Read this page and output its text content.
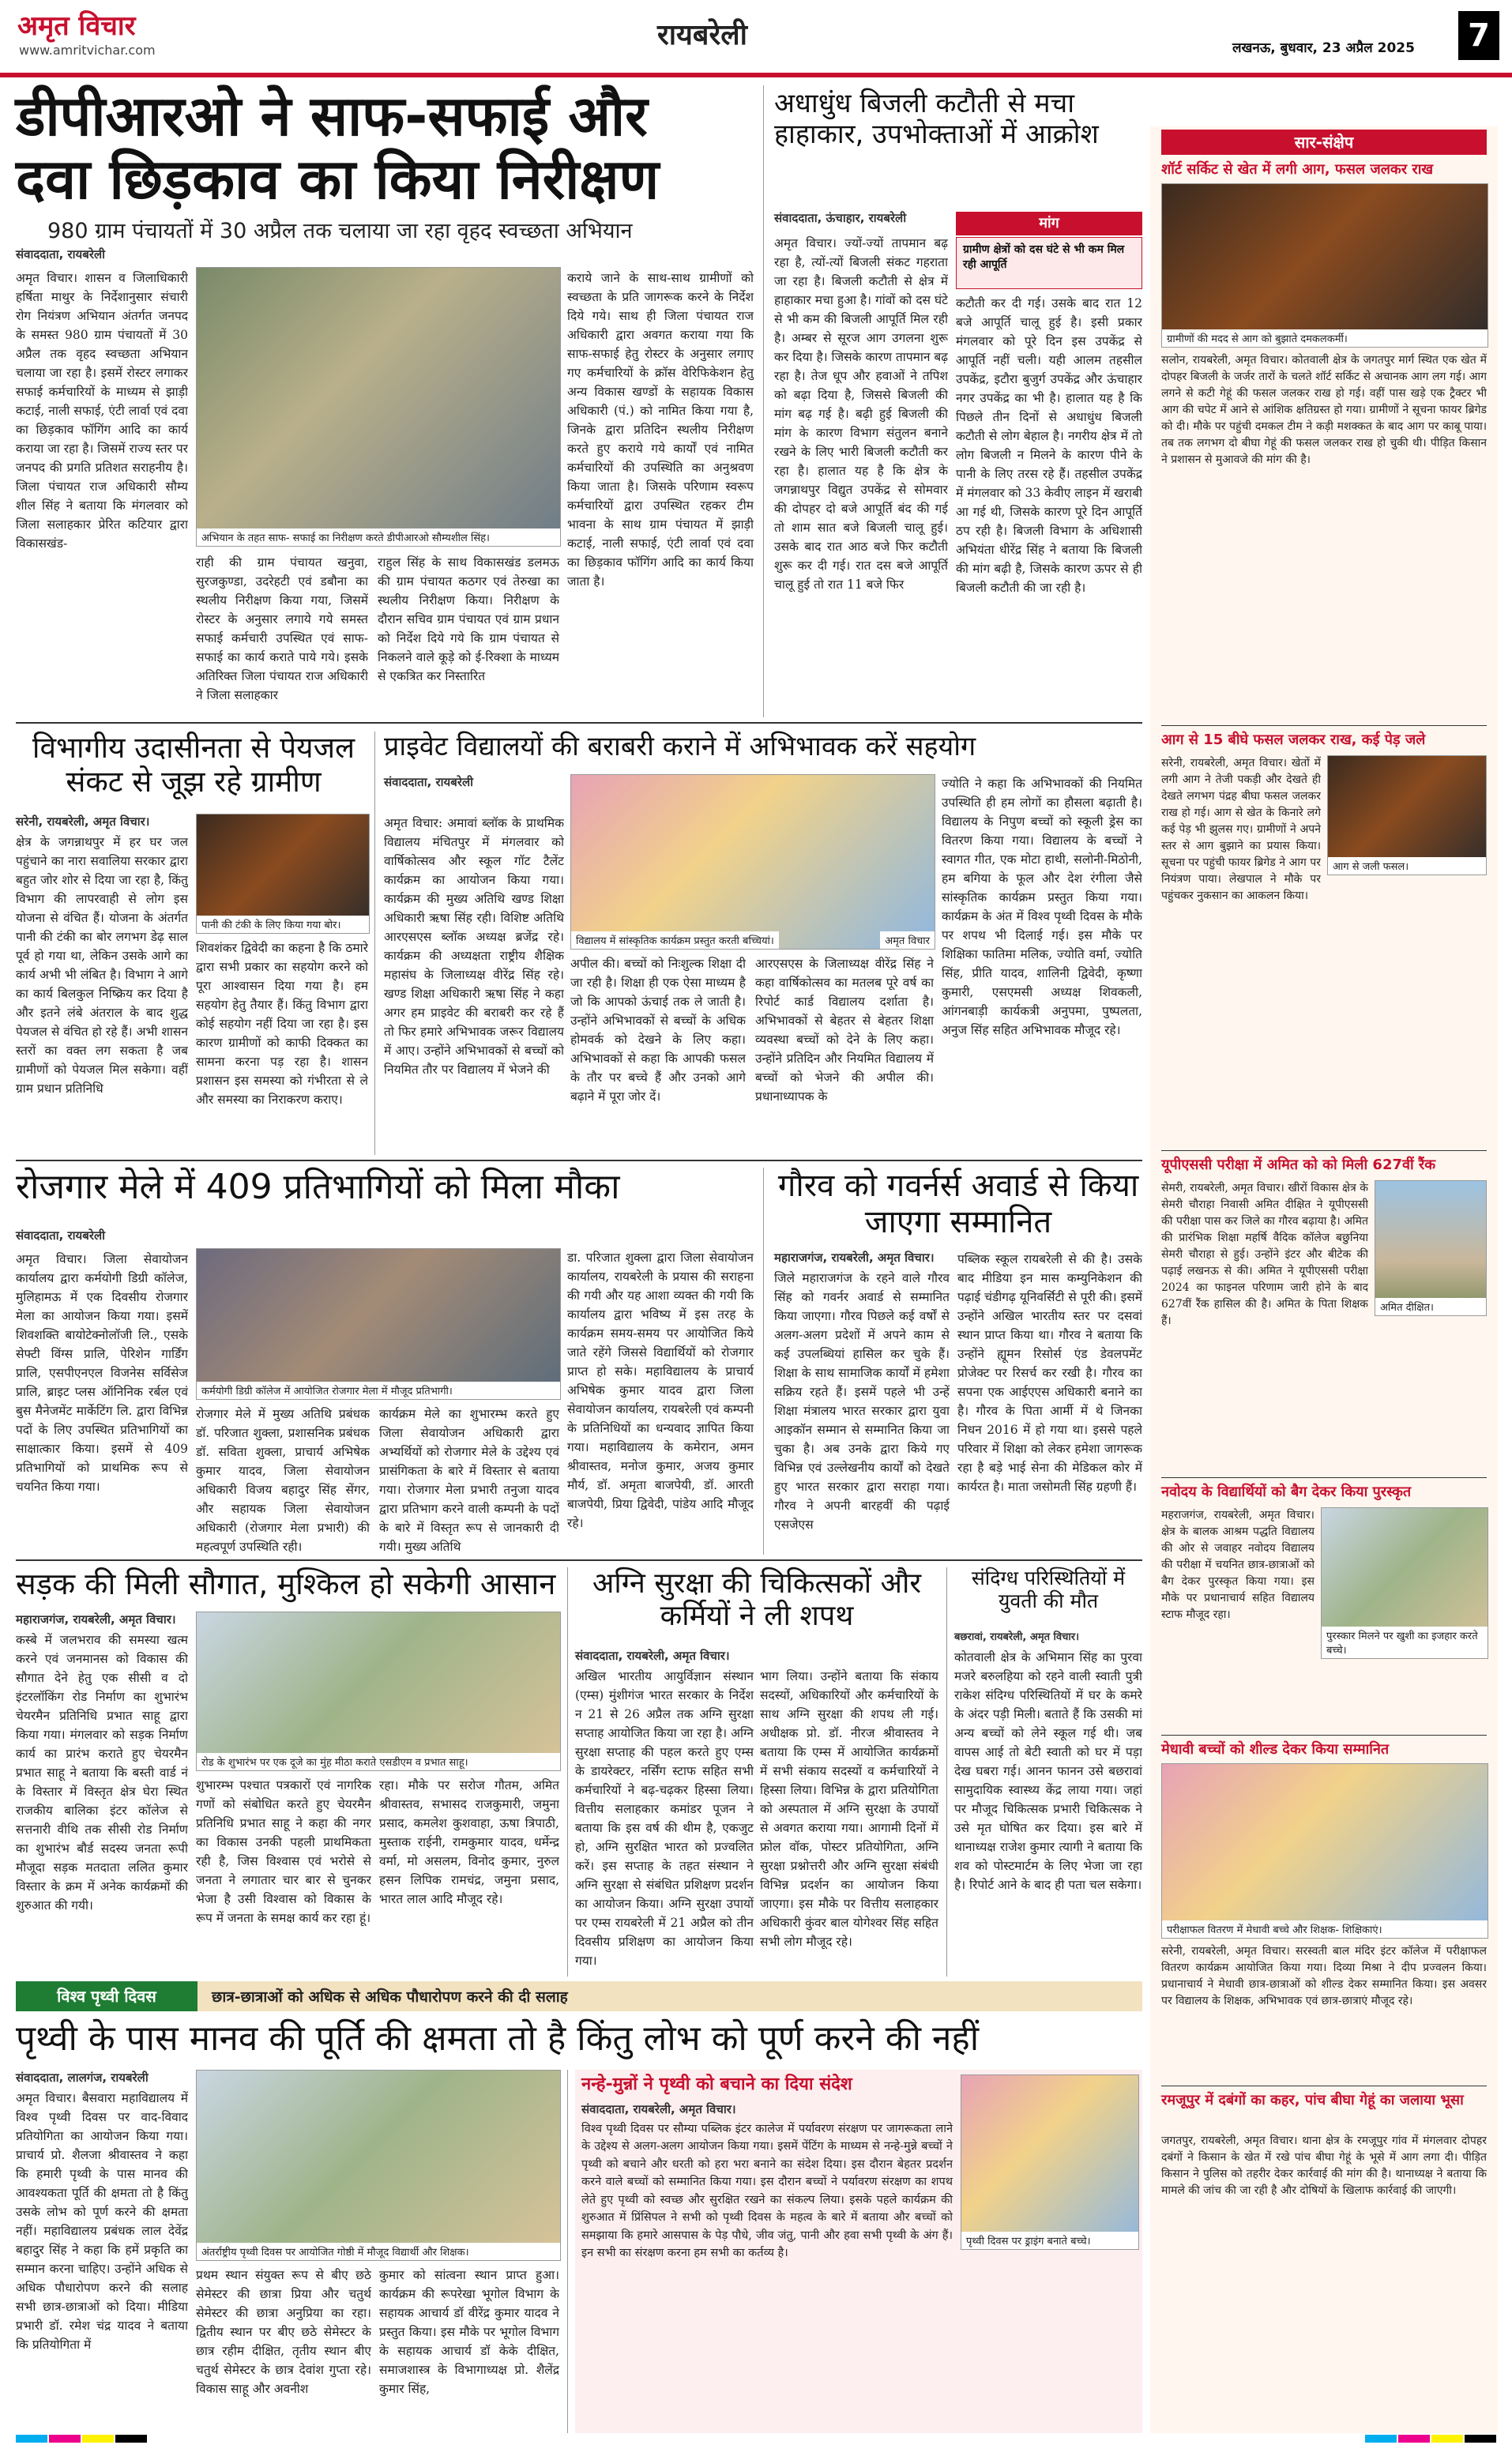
अमृत विचार
www.amritvichar.com	रायबरेली	लखनऊ, बुधवार, 23 अप्रैल 2025	7
डीपीआरओ ने साफ-सफाई और
दवा छिड़काव का किया निरीक्षण
980 ग्राम पंचायतों में 30 अप्रैल तक चलाया जा रहा वृहद स्वच्छता अभियान
संवाददाता, रायबरेली
अमृत विचार। शासन व जिलाधिकारी हर्षिता माथुर के निर्देशानुसार संचारी रोग नियंत्रण अभियान अंतर्गत जनपद के समस्त 980 ग्राम पंचायतों में 30 अप्रैल तक वृहद स्वच्छता अभियान चलाया जा रहा है। इसमें रोस्टर लगाकर सफाई कर्मचारियों के माध्यम से झाड़ी कटाई, नाली सफाई, एंटी लार्वा एवं दवा का छिड़काव फॉगिंग आदि का कार्य कराया जा रहा है। जिसमें राज्य स्तर पर जनपद की प्रगति प्रतिशत सराहनीय है। जिला पंचायत राज अधिकारी सौम्य शील सिंह ने बताया कि मंगलवार को जिला सलाहकार प्रेरित कटियार द्वारा विकासखंड-	अभियान के तहत साफ- सफाई का निरीक्षण करते डीपीआरओ सौम्यशील सिंह।
राही की ग्राम पंचायत खनुवा, सुरजकुण्डा, उदरेहटी एवं डबौना का स्थलीय निरीक्षण किया गया, जिसमें रोस्टर के अनुसार लगाये गये समस्त सफाई कर्मचारी उपस्थित एवं साफ-सफाई का कार्य कराते पाये गये। इसके अतिरिक्त जिला पंचायत राज अधिकारी ने जिला सलाहकार
राहुल सिंह के साथ विकासखंड डलमऊ की ग्राम पंचायत कठगर एवं तेरुखा का स्थलीय निरीक्षण किया। निरीक्षण के दौरान सचिव ग्राम पंचायत एवं ग्राम प्रधान को निर्देश दिये गये कि ग्राम पंचायत से निकलने वाले कूड़े को ई-रिक्शा के माध्यम से एकत्रित कर निस्तारित
कराये जाने के साथ-साथ ग्रामीणों को स्वच्छता के प्रति जागरूक करने के निर्देश दिये गये। साथ ही जिला पंचायत राज अधिकारी द्वारा अवगत कराया गया कि साफ-सफाई हेतु रोस्टर के अनुसार लगाए गए कर्मचारियों के क्रॉस वेरिफिकेशन हेतु अन्य विकास खण्डों के सहायक विकास अधिकारी (पं.) को नामित किया गया है, जिनके द्वारा प्रतिदिन स्थलीय निरीक्षण करते हुए कराये गये कार्यों एवं नामित कर्मचारियों की उपस्थिति का अनुश्रवण किया जाता है। जिसके परिणाम स्वरूप कर्मचारियों द्वारा उपस्थित रहकर टीम भावना के साथ ग्राम पंचायत में झाड़ी कटाई, नाली सफाई, एंटी लार्वा एवं दवा का छिड़काव फॉगिंग आदि का कार्य किया जाता है।
अधाधुंध बिजली कटौती से मचा हाहाकार, उपभोक्ताओं में आक्रोश
संवाददाता, ऊंचाहार, रायबरेली	मांग
ग्रामीण क्षेत्रों को दस घंटे से भी कम मिल रही आपूर्ति
अमृत विचार। ज्यों-ज्यों तापमान बढ़ रहा है, त्यों-त्यों बिजली संकट गहराता जा रहा है। बिजली कटौती से क्षेत्र में हाहाकार मचा हुआ है। गांवों को दस घंटे से भी कम की बिजली आपूर्ति मिल रही है। अम्बर से सूरज आग उगलना शुरू कर दिया है। जिसके कारण तापमान बढ़ रहा है। तेज धूप और हवाओं ने तपिश को बढ़ा दिया है, जिससे बिजली की मांग बढ़ गई है। बढ़ी हुई बिजली की मांग के कारण विभाग संतुलन बनाने रखने के लिए भारी बिजली कटौती कर रहा है। हालात यह है कि क्षेत्र के जगन्नाथपुर विद्युत उपकेंद्र से सोमवार की दोपहर दो बजे आपूर्ति बंद की गई तो शाम सात बजे बिजली चालू हुई। उसके बाद रात आठ बजे फिर कटौती शुरू कर दी गई। रात दस बजे आपूर्ति चालू हुई तो रात 11 बजे फिर
कटौती कर दी गई। उसके बाद रात 12 बजे आपूर्ति चालू हुई है। इसी प्रकार मंगलवार को पूरे दिन इस उपकेंद्र से आपूर्ति नहीं चली। यही आलम तहसील उपकेंद्र, इटौरा बुजुर्ग उपकेंद्र और ऊंचाहार नगर उपकेंद्र का भी है। हालात यह है कि पिछले तीन दिनों से अधाधुंध बिजली कटौती से लोग बेहाल है। नगरीय क्षेत्र में तो लोग बिजली न मिलने के कारण पीने के पानी के लिए तरस रहे हैं। तहसील उपकेंद्र में मंगलवार को 33 केवीए लाइन में खराबी आ गई थी, जिसके कारण पूरे दिन आपूर्ति ठप रही है। बिजली विभाग के अधिशासी अभियंता धीरेंद्र सिंह ने बताया कि बिजली की मांग बढ़ी है, जिसके कारण ऊपर से ही बिजली कटौती की जा रही है।
विभागीय उदासीनता से पेयजल संकट से जूझ रहे ग्रामीण
सरेनी, रायबरेली, अमृत विचार।
क्षेत्र के जगन्नाथपुर में हर घर जल पहुंचाने का नारा सवालिया सरकार द्वारा बहुत जोर शोर से दिया जा रहा है, किंतु विभाग की लापरवाही से लोग इस योजना से वंचित हैं। योजना के अंतर्गत पानी की टंकी का बोर लगभग डेढ़ साल पूर्व हो गया था, लेकिन उसके आगे का कार्य अभी भी लंबित है। विभाग ने आगे का कार्य बिलकुल निष्क्रिय कर दिया है और इतने लंबे अंतराल के बाद शुद्ध पेयजल से वंचित हो रहे हैं। अभी शासन स्तरों का वक्त लग सकता है जब ग्रामीणों को पेयजल मिल सकेगा। वहीं ग्राम प्रधान प्रतिनिधि
पानी की टंकी के लिए किया गया बोर।
शिवशंकर द्विवेदी का कहना है कि ठमारे द्वारा सभी प्रकार का सहयोग करने को पूरा आश्वासन दिया गया है। हम सहयोग हेतु तैयार हैं। किंतु विभाग द्वारा कोई सहयोग नहीं दिया जा रहा है। इस कारण ग्रामीणों को काफी दिक्कत का सामना करना पड़ रहा है। शासन प्रशासन इस समस्या को गंभीरता से ले और समस्या का निराकरण कराए।
प्राइवेट विद्यालयों की बराबरी कराने में अभिभावक करें सहयोग
संवाददाता, रायबरेली
अमृत विचार: अमावां ब्लॉक के प्राथमिक विद्यालय मंचितपुर में मंगलवार को वार्षिकोत्सव और स्कूल गॉट टैलेंट कार्यक्रम का आयोजन किया गया। कार्यक्रम की मुख्य अतिथि खण्ड शिक्षा अधिकारी ऋषा सिंह रही। विशिष्ट अतिथि आरएसएस ब्लॉक अध्यक्ष ब्रजेंद्र रहे। कार्यक्रम की अध्यक्षता राष्ट्रीय शैक्षिक महासंघ के जिलाध्यक्ष वीरेंद्र सिंह रहे। खण्ड शिक्षा अधिकारी ऋषा सिंह ने कहा अगर हम प्राइवेट की बराबरी कर रहे हैं तो फिर हमारे अभिभावक जरूर विद्यालय में आए। उन्होंने अभिभावकों से बच्चों को नियमित तौर पर विद्यालय में भेजने की
विद्यालय में सांस्कृतिक कार्यक्रम प्रस्तुत करती बच्चियां।	अमृत विचार
अपील की। बच्चों को निःशुल्क शिक्षा दी जा रही है। शिक्षा ही एक ऐसा माध्यम है जो कि आपको ऊंचाई तक ले जाती है। उन्होंने अभिभावकों से बच्चों के अधिक होमवर्क को देखने के लिए कहा। अभिभावकों से कहा कि आपकी फसल के तौर पर बच्चे हैं और उनको आगे बढ़ाने में पूरा जोर दें।
आरएसएस के जिलाध्यक्ष वीरेंद्र सिंह ने कहा वार्षिकोत्सव का मतलब पूरे वर्ष का रिपोर्ट कार्ड विद्यालय दर्शाता है। अभिभावकों से बेहतर से बेहतर शिक्षा व्यवस्था बच्चों को देने के लिए कहा। उन्होंने प्रतिदिन और नियमित विद्यालय में बच्चों को भेजने की अपील की। प्रधानाध्यापक के
ज्योति ने कहा कि अभिभावकों की नियमित उपस्थिति ही हम लोगों का हौसला बढ़ाती है। विद्यालय के निपुण बच्चों को स्कूली ड्रेस का वितरण किया गया। विद्यालय के बच्चों ने स्वागत गीत, एक मोटा हाथी, सलोनी-मिठोनी, हम बगिया के फूल और देश रंगीला जैसे सांस्कृतिक कार्यक्रम प्रस्तुत किया गया। कार्यक्रम के अंत में विश्व पृथ्वी दिवस के मौके पर शपथ भी दिलाई गई। इस मौके पर शिक्षिका फातिमा मलिक, ज्योति वर्मा, ज्योति सिंह, प्रीति यादव, शालिनी द्विवेदी, कृष्णा कुमारी, एसएमसी अध्यक्ष शिवकली, आंगनबाड़ी कार्यकत्री अनुपमा, पुष्पलता, अनुज सिंह सहित अभिभावक मौजूद रहे।
रोजगार मेले में 409 प्रतिभागियों को मिला मौका
संवाददाता, रायबरेली
अमृत विचार। जिला सेवायोजन कार्यालय द्वारा कर्मयोगी डिग्री कॉलेज, मुलिहामऊ में एक दिवसीय रोजगार मेला का आयोजन किया गया। इसमें शिवशक्ति बायोटेक्नोलॉजी लि., एसके सेफ्टी विंग्स प्रालि, पेरिशेन गार्डिंग प्रालि, एसपीएनएल विजनेस सर्विसेज प्रालि, ब्राइट प्लस ऑनिनिक रर्बल एवं बुस मैनेजमेंट मार्केटिंग लि. द्वारा विभिन्न पदों के लिए उपस्थित प्रतिभागियों का साक्षात्कार किया। इसमें से 409 प्रतिभागियों को प्राथमिक रूप से चयनित किया गया।
कर्मयोगी डिग्री कॉलेज में आयोजित रोजगार मेला में मौजूद प्रतिभागी।
रोजगार मेले में मुख्य अतिथि प्रबंधक डॉ. परिजात शुक्ला, प्रशासनिक प्रबंधक डॉ. सविता शुक्ला, प्राचार्य अभिषेक कुमार यादव, जिला सेवायोजन अधिकारी विजय बहादुर सिंह सेंगर, और सहायक जिला सेवायोजन अधिकारी (रोजगार मेला प्रभारी) की महत्वपूर्ण उपस्थिति रही।
कार्यक्रम मेले का शुभारम्भ करते हुए जिला सेवायोजन अधिकारी द्वारा अभ्यर्थियों को रोजगार मेले के उद्देश्य एवं प्रासंगिकता के बारे में विस्तार से बताया गया। रोजगार मेला प्रभारी तनुजा यादव द्वारा प्रतिभाग करने वाली कम्पनी के पदों के बारे में विस्तृत रूप से जानकारी दी गयी। मुख्य अतिथि
डा. परिजात शुक्ला द्वारा जिला सेवायोजन कार्यालय, रायबरेली के प्रयास की सराहना की गयी और यह आशा व्यक्त की गयी कि कार्यालय द्वारा भविष्य में इस तरह के कार्यक्रम समय-समय पर आयोजित किये जाते रहेंगे जिससे विद्यार्थियों को रोजगार प्राप्त हो सके। महाविद्यालय के प्राचार्य अभिषेक कुमार यादव द्वारा जिला सेवायोजन कार्यालय, रायबरेली एवं कम्पनी के प्रतिनिधियों का धन्यवाद ज्ञापित किया गया। महाविद्यालय के कमेरान, अमन श्रीवास्तव, मनोज कुमार, अजय कुमार मौर्य, डॉ. अमृता बाजपेयी, डॉ. आरती बाजपेयी, प्रिया द्विवेदी, पांडेय आदि मौजूद रहे।
गौरव को गवर्नर्स अवार्ड से किया जाएगा सम्मानित
महाराजगंज, रायबरेली, अमृत विचार।
जिले महाराजगंज के रहने वाले गौरव सिंह को गवर्नर अवार्ड से सम्मानित किया जाएगा। गौरव पिछले कई वर्षों से अलग-अलग प्रदेशों में अपने काम से कई उपलब्धियां हासिल कर चुके हैं। शिक्षा के साथ सामाजिक कार्यों में हमेशा सक्रिय रहते हैं। इसमें पहले भी उन्हें शिक्षा मंत्रालय भारत सरकार द्वारा युवा आइकॉन सम्मान से सम्मानित किया जा चुका है। अब उनके द्वारा किये गए विभिन्न एवं उल्लेखनीय कार्यों को देखते हुए भारत सरकार द्वारा सराहा गया। गौरव ने अपनी बारहवीं की पढ़ाई एसजेएस
पब्लिक स्कूल रायबरेली से की है। उसके बाद मीडिया इन मास कम्युनिकेशन की पढ़ाई चंडीगढ़ यूनिवर्सिटी से पूरी की। इसमें उन्होंने अखिल भारतीय स्तर पर दसवां स्थान प्राप्त किया था। गौरव ने बताया कि उन्होंने ह्यूमन रिसोर्स एंड डेवलपमेंट प्रोजेक्ट पर रिसर्च कर रखी है। गौरव का सपना एक आईएएस अधिकारी बनाने का है। गौरव के पिता आर्मी में थे जिनका निधन 2016 में हो गया था। इससे पहले परिवार में शिक्षा को लेकर हमेशा जागरूक रहा है बड़े भाई सेना की मेडिकल कोर में कार्यरत है। माता जसोमती सिंह ग्रहणी हैं।
सड़क की मिली सौगात, मुश्किल हो सकेगी आसान
महाराजगंज, रायबरेली, अमृत विचार।
कस्बे में जलभराव की समस्या खत्म करने एवं जनमानस को विकास की सौगात देने हेतु एक सीसी व दो इंटरलॉकिंग रोड निर्माण का शुभारंभ चेयरमैन प्रतिनिधि प्रभात साहू द्वारा किया गया। मंगलवार को सड़क निर्माण कार्य का प्रारंभ कराते हुए चेयरमैन प्रभात साहू ने बताया कि बस्ती वार्ड नं के विस्तार में विस्तृत क्षेत्र घेरा स्थित राजकीय बालिका इंटर कॉलेज से सत्तनारी वीथि तक सीसी रोड निर्माण का शुभारंभ बौर्ड सदस्य जनता रूपी मौजूदा सड़क मतदाता ललित कुमार विस्तार के क्रम में अनेक कार्यक्रमों की शुरुआत की गयी।
रोड के शुभारंभ पर एक दूजे का मुंह मीठा कराते एसडीएम व प्रभात साहू।
शुभारम्भ पश्चात पत्रकारों एवं नागरिक गणों को संबोधित करते हुए चेयरमैन प्रतिनिधि प्रभात साहू ने कहा की नगर का विकास उनकी पहली प्राथमिकता रही है, जिस विश्वास एवं भरोसे से जनता ने लगातार चार बार से चुनकर भेजा है उसी विश्वास को विकास के रूप में जनता के समक्ष कार्य कर रहा हूं।
रहा। मौके पर सरोज गौतम, अमित श्रीवास्तव, सभासद राजकुमारी, जमुना प्रसाद, कमलेश कुशवाहा, ऊषा त्रिपाठी, मुस्ताक राईनी, रामकुमार यादव, धर्मेन्द्र वर्मा, मो असलम, विनोद कुमार, नुरुल हसन लिपिक रामचंद्र, जमुना प्रसाद, भारत लाल आदि मौजूद रहे।
अग्नि सुरक्षा की चिकित्सकों और कर्मियों ने ली शपथ
संवाददाता, रायबरेली, अमृत विचार।
अखिल भारतीय आयुर्विज्ञान संस्थान (एम्स) मुंशीगंज भारत सरकार के निर्देश न 21 से 26 अप्रैल तक अग्नि सुरक्षा सप्ताह आयोजित किया जा रहा है। अग्नि सुरक्षा सप्ताह की पहल करते हुए एम्स के डायरेक्टर, नर्सिंग स्टाफ सहित सभी कर्मचारियों ने बढ़-चढ़कर हिस्सा लिया। वित्तीय सलाहकार कमांडर पूजन ने बताया कि इस वर्ष की थीम है, एकजुट हो, अग्नि सुरक्षित भारत को प्रज्वलित करें। इस सप्ताह के तहत संस्थान ने अग्नि सुरक्षा से संबंधित प्रशिक्षण प्रदर्शन का आयोजन किया। अग्नि सुरक्षा उपायों पर एम्स रायबरेली में 21 अप्रैल को तीन दिवसीय प्रशिक्षण का आयोजन किया गया।
भाग लिया। उन्होंने बताया कि संकाय सदस्यों, अधिकारियों और कर्मचारियों के साथ अग्नि सुरक्षा की शपथ ली गई। अधीक्षक प्रो. डॉ. नीरज श्रीवास्तव ने बताया कि एम्स में आयोजित कार्यक्रमों में सभी संकाय सदस्यों व कर्मचारियों ने हिस्सा लिया। विभिन्न के द्वारा प्रतियोगिता को अस्पताल में अग्नि सुरक्षा के उपायों से अवगत कराया गया। आगामी दिनों में फ्रोल वॉक, पोस्टर प्रतियोगिता, अग्नि सुरक्षा प्रश्नोत्तरी और अग्नि सुरक्षा संबंधी विभिन्न प्रदर्शन का आयोजन किया जाएगा। इस मौके पर वित्तीय सलाहकार अधिकारी कुंवर बाल योगेश्वर सिंह सहित सभी लोग मौजूद रहे।
संदिग्ध परिस्थितियों में युवती की मौत
बछरावां, रायबरेली, अमृत विचार।
कोतवाली क्षेत्र के अभिमान सिंह का पुरवा मजरे बरुलहिया को रहने वाली स्वाती पुत्री राकेश संदिग्ध परिस्थितियों में घर के कमरे के अंदर पड़ी मिली। बताते हैं कि उसकी मां अन्य बच्चों को लेने स्कूल गई थी। जब वापस आई तो बेटी स्वाती को घर में पड़ा देख घबरा गई। आनन फानन उसे बछरावां सामुदायिक स्वास्थ्य केंद्र लाया गया। जहां पर मौजूद चिकित्सक प्रभारी चिकित्सक ने उसे मृत घोषित कर दिया। इस बारे में थानाध्यक्ष राजेश कुमार त्यागी ने बताया कि शव को पोस्टमार्टम के लिए भेजा जा रहा है। रिपोर्ट आने के बाद ही पता चल सकेगा।
विश्व पृथ्वी दिवस	छात्र-छात्राओं को अधिक से अधिक पौधारोपण करने की दी सलाह
पृथ्वी के पास मानव की पूर्ति की क्षमता तो है किंतु लोभ को पूर्ण करने की नहीं
संवाददाता, लालगंज, रायबरेली
अमृत विचार। बैसवारा महाविद्यालय में विश्व पृथ्वी दिवस पर वाद-विवाद प्रतियोगिता का आयोजन किया गया। प्राचार्य प्रो. शैलजा श्रीवास्तव ने कहा कि हमारी पृथ्वी के पास मानव की आवश्यकता पूर्ति की क्षमता तो है किंतु उसके लोभ को पूर्ण करने की क्षमता नहीं। महाविद्यालय प्रबंधक लाल देवेंद्र बहादुर सिंह ने कहा कि हमें प्रकृति का सम्मान करना चाहिए। उन्होंने अधिक से अधिक पौधारोपण करने की सलाह सभी छात्र-छात्राओं को दिया। मीडिया प्रभारी डॉ. रमेश चंद्र यादव ने बताया कि प्रतियोगिता में
अंतर्राष्ट्रीय पृथ्वी दिवस पर आयोजित गोष्ठी में मौजूद विद्यार्थी और शिक्षक।
प्रथम स्थान संयुक्त रूप से बीए छठे सेमेस्टर की छात्रा प्रिया और चतुर्थ सेमेस्टर की छात्रा अनुप्रिया का रहा। द्वितीय स्थान पर बीए छठे सेमेस्टर के छात्र रहीम दीक्षित, तृतीय स्थान बीए चतुर्थ सेमेस्टर के छात्र देवांश गुप्ता रहे। विकास साहू और अवनीश
कुमार को सांत्वना स्थान प्राप्त हुआ। कार्यक्रम की रूपरेखा भूगोल विभाग के सहायक आचार्य डॉ वीरेंद्र कुमार यादव ने प्रस्तुत किया। इस मौके पर भूगोल विभाग के सहायक आचार्य डॉ केके दीक्षित, समाजशास्त्र के विभागाध्यक्ष प्रो. शैलेंद्र कुमार सिंह,
नन्हे-मुन्नों ने पृथ्वी को बचाने का दिया संदेश
संवाददाता, रायबरेली, अमृत विचार।
विश्व पृथ्वी दिवस पर सौम्या पब्लिक इंटर कालेज में पर्यावरण संरक्षण पर जागरूकता लाने के उद्देश्य से अलग-अलग आयोजन किया गया। इसमें पेंटिंग के माध्यम से नन्हे-मुन्ने बच्चों ने पृथ्वी को बचाने और धरती को हरा भरा बनाने का संदेश दिया। इस दौरान बेहतर प्रदर्शन करने वाले बच्चों को सम्मानित किया गया। इस दौरान बच्चों ने पर्यावरण संरक्षण का शपथ लेते हुए पृथ्वी को स्वच्छ और सुरक्षित रखने का संकल्प लिया। इसके पहले कार्यक्रम की शुरुआत में प्रिंसिपल ने सभी को पृथ्वी दिवस के महत्व के बारे में बताया और बच्चों को समझाया कि हमारे आसपास के पेड़ पौधे, जीव जंतु, पानी और हवा सभी पृथ्वी के अंग हैं। इन सभी का संरक्षण करना हम सभी का कर्तव्य है।
पृथ्वी दिवस पर ड्राइंग बनाते बच्चे।
सार-संक्षेप
शॉर्ट सर्किट से खेत में लगी आग, फसल जलकर राख
ग्रामीणों की मदद से आग को बुझाते दमकलकर्मी।
सलोन, रायबरेली, अमृत विचार। कोतवाली क्षेत्र के जगतपुर मार्ग स्थित एक खेत में दोपहर बिजली के जर्जर तारों के चलते शॉर्ट सर्किट से अचानक आग लग गई। आग लगने से कटी गेहूं की फसल जलकर राख हो गई। वहीं पास खड़े एक ट्रैक्टर भी आग की चपेट में आने से आंशिक क्षतिग्रस्त हो गया। ग्रामीणों ने सूचना फायर ब्रिगेड को दी। मौके पर पहुंची दमकल टीम ने कड़ी मशक्कत के बाद आग पर काबू पाया। तब तक लगभग दो बीघा गेहूं की फसल जलकर राख हो चुकी थी। पीड़ित किसान ने प्रशासन से मुआवजे की मांग की है।
आग से 15 बीघे फसल जलकर राख, कई पेड़ जले
आग से जली फसल।
सरेनी, रायबरेली, अमृत विचार। खेतों में लगी आग ने तेजी पकड़ी और देखते ही देखते लगभग पंद्रह बीघा फसल जलकर राख हो गई। आग से खेत के किनारे लगे कई पेड़ भी झुलस गए। ग्रामीणों ने अपने स्तर से आग बुझाने का प्रयास किया। सूचना पर पहुंची फायर ब्रिगेड ने आग पर नियंत्रण पाया। लेखपाल ने मौके पर पहुंचकर नुकसान का आकलन किया।
यूपीएससी परीक्षा में अमित को को मिली 627वीं रैंक
अमित दीक्षित।
सेमरी, रायबरेली, अमृत विचार। खीरों विकास क्षेत्र के सेमरी चौराहा निवासी अमित दीक्षित ने यूपीएससी की परीक्षा पास कर जिले का गौरव बढ़ाया है। अमित की प्रारंभिक शिक्षा महर्षि वैदिक कॉलेज बछुनिया सेमरी चौराहा से हुई। उन्होंने इंटर और बीटेक की पढ़ाई लखनऊ से की। अमित ने यूपीएससी परीक्षा 2024 का फाइनल परिणाम जारी होने के बाद 627वीं रैंक हासिल की है। अमित के पिता शिक्षक हैं।
नवोदय के विद्यार्थियों को बैग देकर किया पुरस्कृत
पुरस्कार मिलने पर खुशी का इजहार करते बच्चे।
महराजगंज, रायबरेली, अमृत विचार। क्षेत्र के बालक आश्रम पद्धति विद्यालय की ओर से जवाहर नवोदय विद्यालय की परीक्षा में चयनित छात्र-छात्राओं को बैग देकर पुरस्कृत किया गया। इस मौके पर प्रधानाचार्य सहित विद्यालय स्टाफ मौजूद रहा।
मेधावी बच्चों को शील्ड देकर किया सम्मानित
परीक्षाफल वितरण में मेधावी बच्चे और शिक्षक- शिक्षिकाएं।
सरेनी, रायबरेली, अमृत विचार। सरस्वती बाल मंदिर इंटर कॉलेज में परीक्षाफल वितरण कार्यक्रम आयोजित किया गया। दिव्या मिश्रा ने दीप प्रज्वलन किया। प्रधानाचार्य ने मेधावी छात्र-छात्राओं को शील्ड देकर सम्मानित किया। इस अवसर पर विद्यालय के शिक्षक, अभिभावक एवं छात्र-छात्राएं मौजूद रहे।
रमजूपुर में दबंगों का कहर, पांच बीघा गेहूं का जलाया भूसा
जगतपुर, रायबरेली, अमृत विचार। थाना क्षेत्र के रमजूपुर गांव में मंगलवार दोपहर दबंगों ने किसान के खेत में रखे पांच बीघा गेहूं के भूसे में आग लगा दी। पीड़ित किसान ने पुलिस को तहरीर देकर कार्रवाई की मांग की है। थानाध्यक्ष ने बताया कि मामले की जांच की जा रही है और दोषियों के खिलाफ कार्रवाई की जाएगी।
